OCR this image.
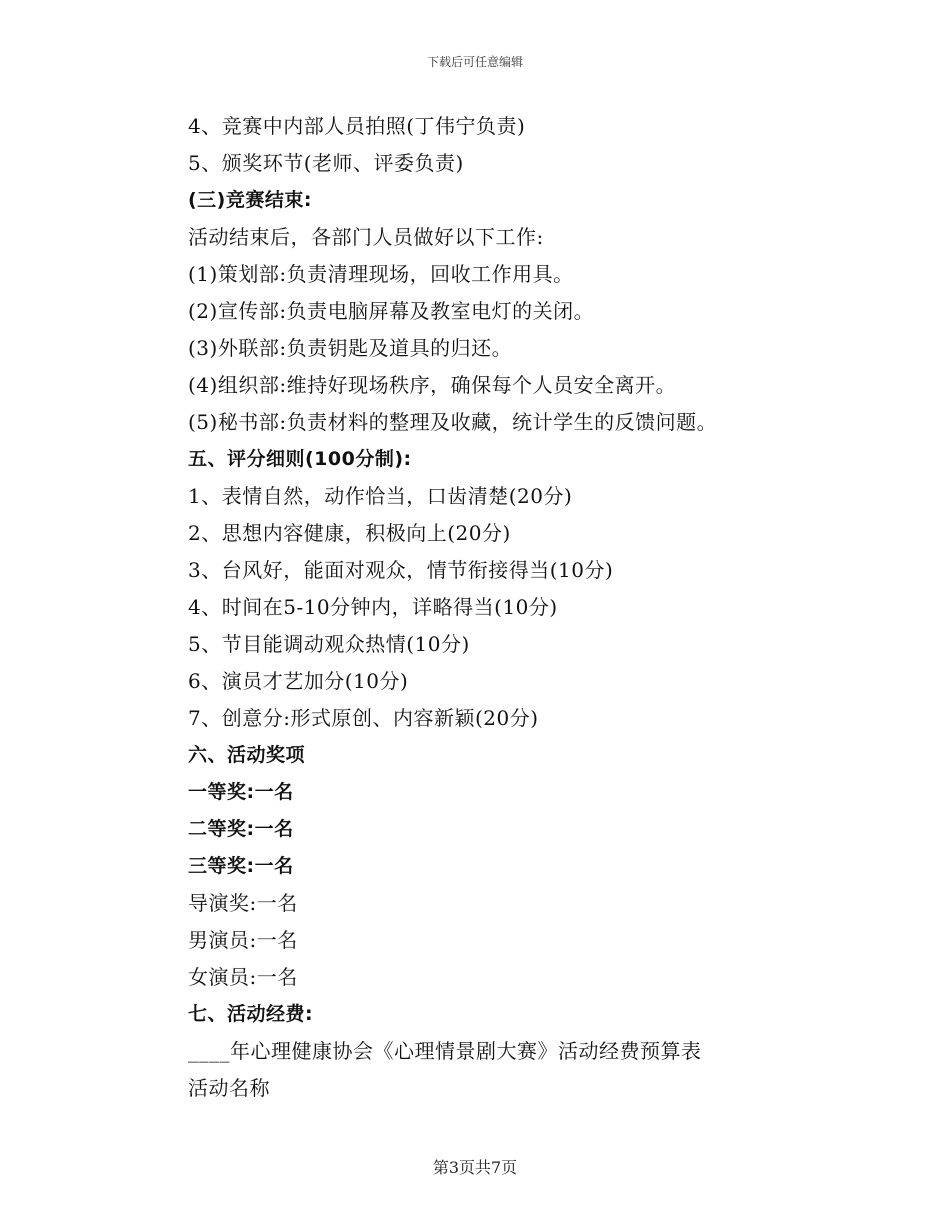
下载后可任意编辑
4、竞赛中内部人员拍照(丁伟宁负责)
5、颁奖环节(老师、评委负责)
(三)竞赛结束:
活动结束后，各部门人员做好以下工作:
(1)策划部:负责清理现场，回收工作用具。
(2)宣传部:负责电脑屏幕及教室电灯的关闭。
(3)外联部:负责钥匙及道具的归还。
(4)组织部:维持好现场秩序，确保每个人员安全离开。
(5)秘书部:负责材料的整理及收藏，统计学生的反馈问题。
五、评分细则(100分制):
1、表情自然，动作恰当，口齿清楚(20分)
2、思想内容健康，积极向上(20分)
3、台风好，能面对观众，情节衔接得当(10分)
4、时间在5-10分钟内，详略得当(10分)
5、节目能调动观众热情(10分)
6、演员才艺加分(10分)
7、创意分:形式原创、内容新颖(20分)
六、活动奖项
一等奖:一名
二等奖:一名
三等奖:一名
导演奖:一名
男演员:一名
女演员:一名
七、活动经费:
____年心理健康协会《心理情景剧大赛》活动经费预算表
活动名称
第3页共7页
